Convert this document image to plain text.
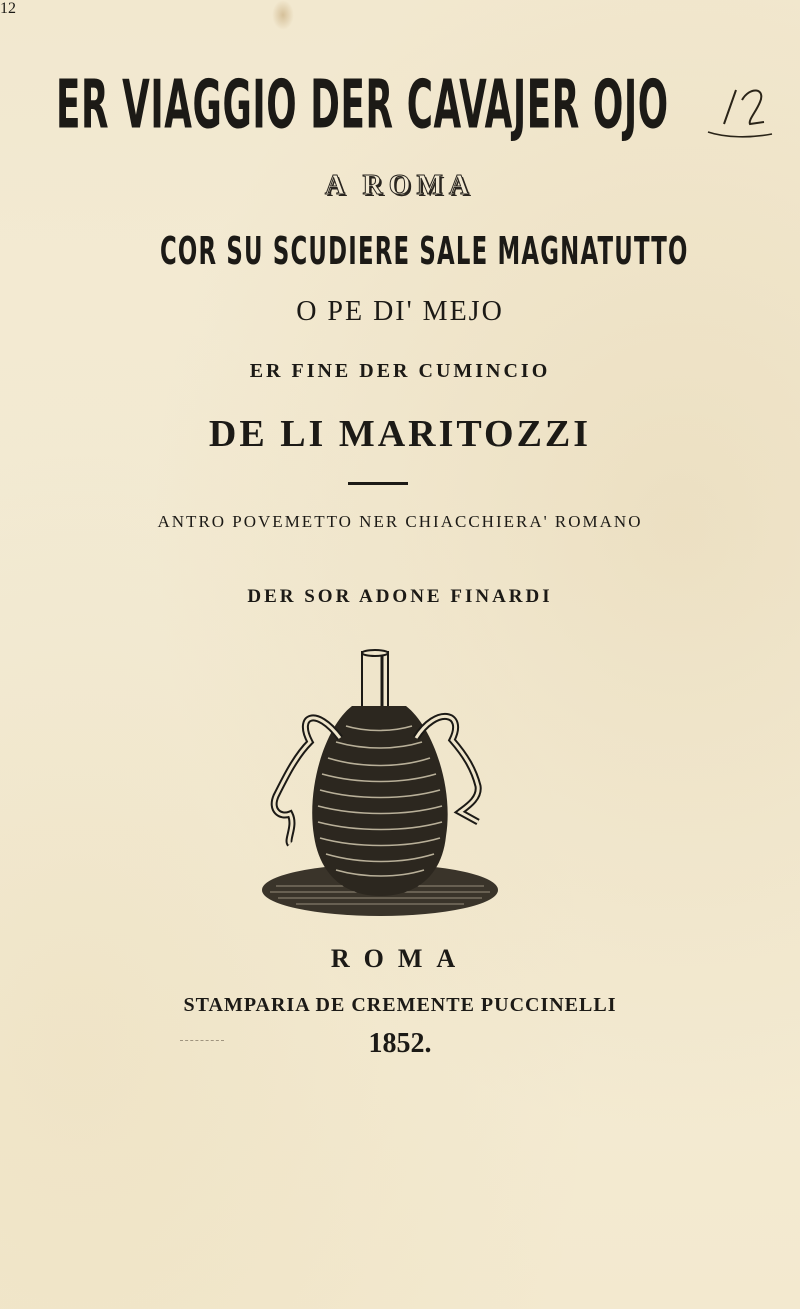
ER VIAGGIO DER CAVAJER OJO
12
A ROMA
COR SU SCUDIERE SALE MAGNATUTTO
O PE DI' MEJO
ER FINE DER CUMINCIO
DE LI MARITOZZI
ANTRO POVEMETTO NER CHIACCHIERA' ROMANO
DER SOR ADONE FINARDI
ROMA
STAMPARIA DE CREMENTE PUCCINELLI
1852.
